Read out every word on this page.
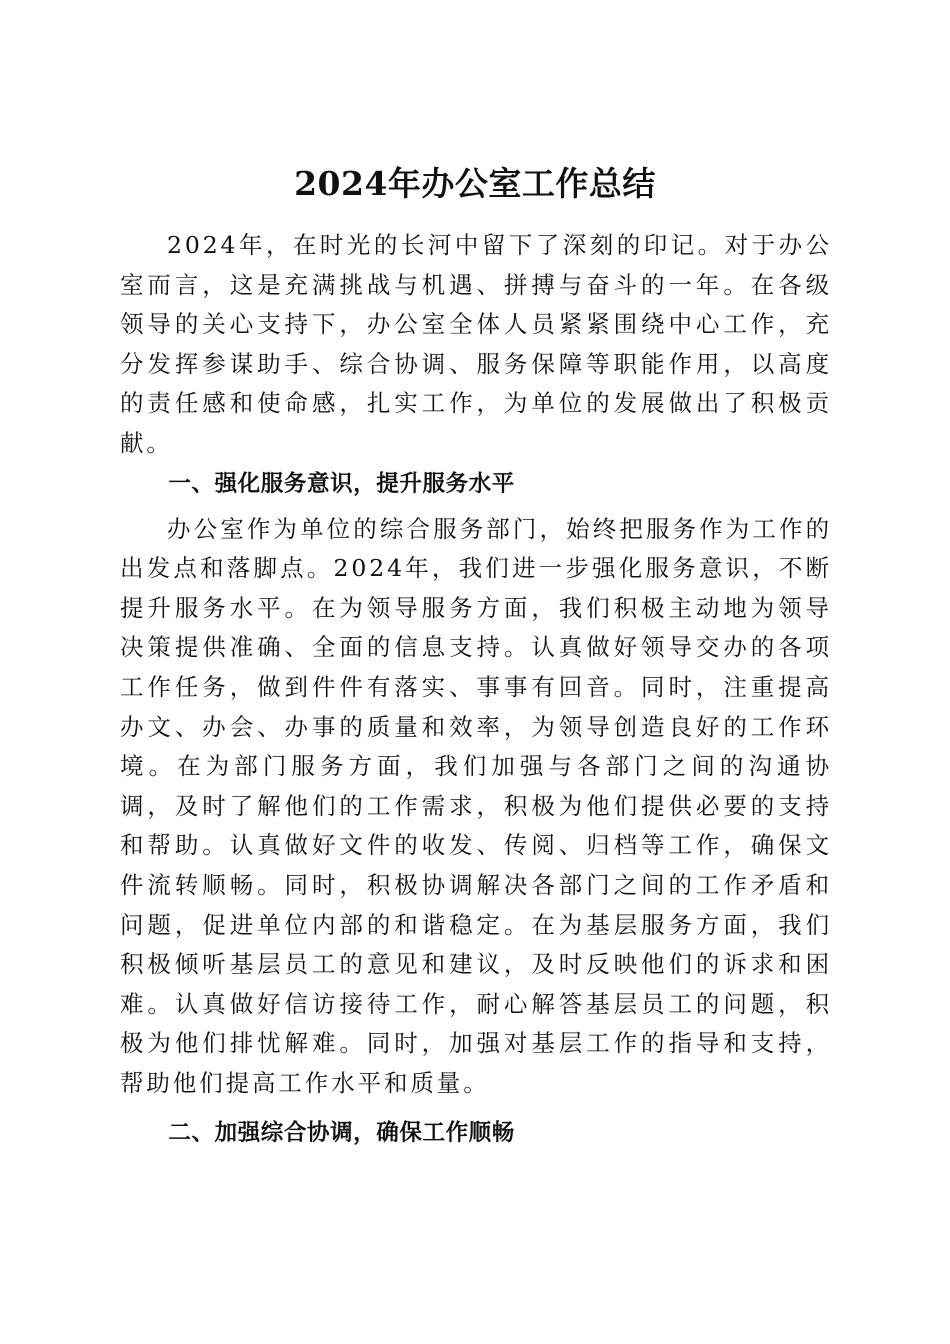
2024年办公室工作总结

2024年，在时光的长河中留下了深刻的印记。对于办公室而言，这是充满挑战与机遇、拼搏与奋斗的一年。在各级领导的关心支持下，办公室全体人员紧紧围绕中心工作，充分发挥参谋助手、综合协调、服务保障等职能作用，以高度的责任感和使命感，扎实工作，为单位的发展做出了积极贡献。

一、强化服务意识，提升服务水平

办公室作为单位的综合服务部门，始终把服务作为工作的出发点和落脚点。2024年，我们进一步强化服务意识，不断提升服务水平。在为领导服务方面，我们积极主动地为领导决策提供准确、全面的信息支持。认真做好领导交办的各项工作任务，做到件件有落实、事事有回音。同时，注重提高办文、办会、办事的质量和效率，为领导创造良好的工作环境。在为部门服务方面，我们加强与各部门之间的沟通协调，及时了解他们的工作需求，积极为他们提供必要的支持和帮助。认真做好文件的收发、传阅、归档等工作，确保文件流转顺畅。同时，积极协调解决各部门之间的工作矛盾和问题，促进单位内部的和谐稳定。在为基层服务方面，我们积极倾听基层员工的意见和建议，及时反映他们的诉求和困难。认真做好信访接待工作，耐心解答基层员工的问题，积极为他们排忧解难。同时，加强对基层工作的指导和支持，帮助他们提高工作水平和质量。

二、加强综合协调，确保工作顺畅
